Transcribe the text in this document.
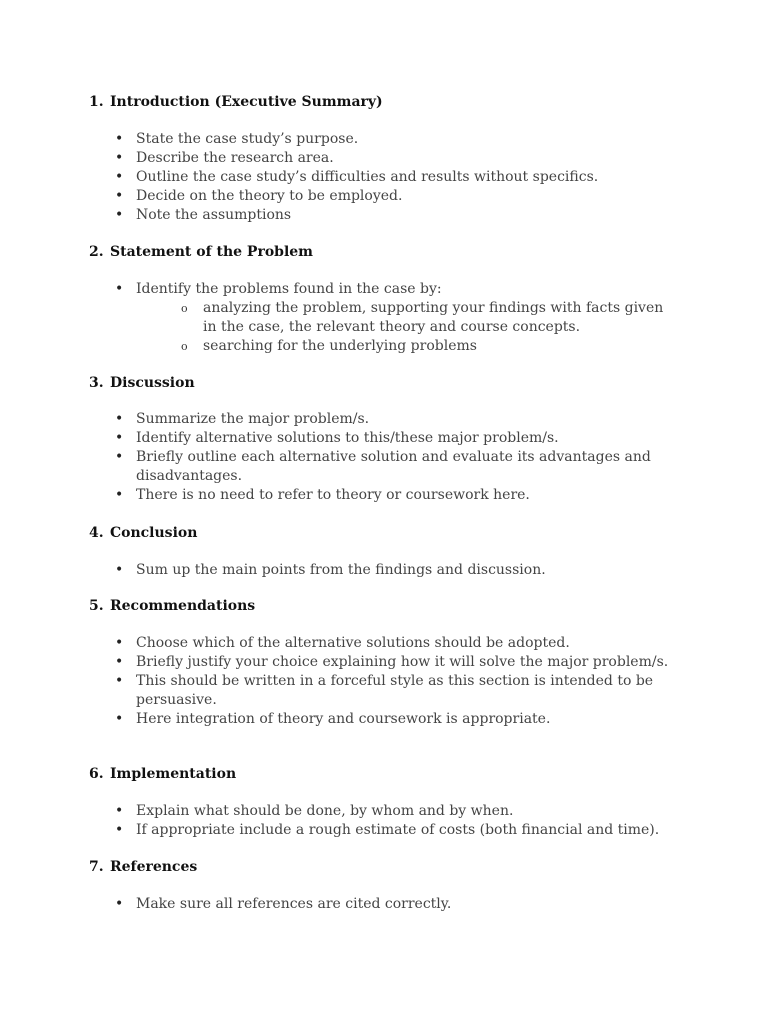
1. Introduction (Executive Summary)
• State the case study’s purpose.
• Describe the research area.
• Outline the case study’s difficulties and results without specifics.
• Decide on the theory to be employed.
• Note the assumptions
2. Statement of the Problem
• Identify the problems found in the case by:
o analyzing the problem, supporting your findings with facts given in the case, the relevant theory and course concepts.
o searching for the underlying problems
3. Discussion
• Summarize the major problem/s.
• Identify alternative solutions to this/these major problem/s.
• Briefly outline each alternative solution and evaluate its advantages and disadvantages.
• There is no need to refer to theory or coursework here.
4. Conclusion
• Sum up the main points from the findings and discussion.
5. Recommendations
• Choose which of the alternative solutions should be adopted.
• Briefly justify your choice explaining how it will solve the major problem/s.
• This should be written in a forceful style as this section is intended to be persuasive.
• Here integration of theory and coursework is appropriate.
6. Implementation
• Explain what should be done, by whom and by when.
• If appropriate include a rough estimate of costs (both financial and time).
7. References
• Make sure all references are cited correctly.
